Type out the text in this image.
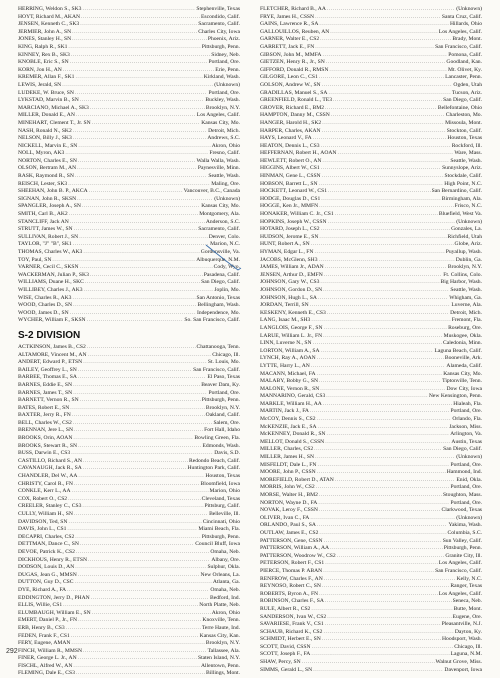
HERRING, Weldon S., SK3 .....	Stephenville, Texas
HOYT, Richard M., AKAN .....	Escondido, Calif.
JENSEN, Kenneth C., SK3 .....	Sacramento, Calif.
JERMIER, John A., SN .....	Charles City, Iowa
JONES, Stanley H., SN .....	Phoenix, Ariz.
KING, Ralph R., SK1 .....	Pittsburgh, Penn.
KINNEY, Rex B., SK3 .....	Sidney, Neb.
KNOBLE, Eric S., SN .....	Portland, Ore.
KORN, Jon H., AN .....	Erie, Penn.
KREMER, Allan F., SK1 .....	Kirkland, Wash.
LEWIS, Jerald, SN .....	(Unknown)
LUDEKE, W. Bruce, SN .....	Portland, Ore.
LYKSTAD, Marvin B., SN .....	Buckley, Wash.
MARCIANO, Michael A., SK3 .....	Brooklyn, N.Y.
MILLER, Donald E., AN .....	Los Angeles, Calif.
MINEHART, Clement T., Jr. SN .....	Kansas City, Mo.
NASH, Ronald N., SK2 .....	Detroit, Mich.
NELSON, Billy J., SK3 .....	Andrews, S.C.
NICKELL, Marvin E., SN .....	Akron, Ohio
NOLL, Myron, AK3 .....	Fresno, Calif.
NORTON, Charles E., SN .....	Walla Walla, Wash.
OLSON, Bertram M., AN .....	Paynesville, Minn.
RASK, Raymond R., SN .....	Seattle, Wash.
REISCH, Lester, SK3 .....	Maling, Ore.
SHEEHAN, John B. P., AKCA .....	Vancouver, B.C., Canada
SIGNAN, John R., SKSN .....	(Unknown)
SPANGLER, Joseph A., SN .....	Kansas City, Mo.
SMITH, Carl B., AK2 .....	Montgomery, Ala.
STANCLIFF, Jack AN .....	Anderson, S.C.
STRUTT, James W., SN .....	Sacramento, Calif.
SULLIVAN, Robert J., SN .....	Denver, Colo.
TAYLOR, "J" "B", SK1 .....	Marion, N.C.
THOMAS, Charles W., AK3 .....	Gordonsville, Va.
TOY, Paul, SN .....	Albuquerque, N.M.
VARNER, Cecil C., SKSN .....	Cody, Wyo.
WACKERMAN, Julian P., SK3 .....	Pasadena, Calif.
WILLIAMS, Duane H., SKC .....	San Diego, Calif.
WILLIBEY, Charles J., AK3 .....	Joplin, Mo.
WISE, Charles R., AK3 .....	San Antonio, Texas
WOOD, Charles D., SN .....	Bellingham, Wash.
WOOD, James D., SN .....	Independence, Mo.
WYCHER, William F., SKSN .....	So. San Francisco, Calif.
S-2 DIVISION
ACTKINSON, James B., CS2 .....	Chattanooga, Tenn.
ALTAMORE, Vincent M., AN .....	Chicago, Ill.
ANDERT, Edward P., ETSN .....	St. Louis, Mo.
BAILEY, Geoffrey L., SN .....	San Francisco, Calif.
BARBEE, Thomas E., SA .....	El Paso, Texas
BARNES, Eddie E., SN .....	Beaver Dam, Ky.
BARNES, James T., SN .....	Portland, Ore.
BARNETT, Vernon R., SN .....	Pittsburgh, Penn.
BATES, Robert E., SN .....	Brooklyn, N.Y.
BAXTER, Jerry R., FN .....	Oakland, Calif.
BELL, Charles W., CS2 .....	Salem, Ore.
BRENNAN, Jere L., SN .....	Fort Hall, Idaho
BROOKS, Orin, AOAN .....	Bowling Green, Fla.
BROOKS, Stewart R., SN .....	Edmonds, Wash.
BUSS, Darwin E., CS3 .....	Davis, S.D.
CASTILLO, Richard S., AN .....	Redondo Beach, Calif.
CAVANAUGH, Jack R., SA .....	Huntington Park, Calif.
CHANDLER, Del W., AA .....	Houston, Texas
CHRISTY, Carol R., FN .....	Bloomfield, Iowa
CONKLE, Kerr L., AA .....	Marion, Ohio
COX, Robert O., CS2 .....	Cleveland, Texas
CREELER, Stanley C., CS3 .....	Pittsburg, Calif.
CULLY, William H., SN .....	Belleville, Ill.
DAVIDSON, Ted, SN .....	Cincinnati, Ohio
DAVIS, John L., CS1 .....	Miami Beach, Fla.
DECAPRI, Charles, CS2 .....	Pittsburgh, Penn.
DETTMAN, Dance C., SN .....	Council Bluff, Iowa
DEVOE, Patrick K., CS2 .....	Omaha, Neb.
DICKHOUS, Henry R., ETSN .....	Albany, Ore.
DODSON, Louis D., AN .....	Sulphur, Okla.
DUGAS, Jean G., MMSN .....	New Orleans, La.
DUTTON, Guy D., CSC .....	Atlanta, Ga.
DYE, Richard A., FA .....	Omaha, Neb.
EDDINGTON, Jerry D., PHAN .....	Bedford, Ind.
ELLIS, Willie, CS1 .....	North Platte, Neb.
ELUMBAUGH, William E., SN .....	Akron, Ohio
EMERT, Daniel P., Jr., FN .....	Knoxville, Tenn.
ERB, Henry B., CS3 .....	Terre Haute, Ind.
FEDEN, Frank F., CS1 .....	Kansas City, Kan.
FERY, Eugene, AMAN .....	Brooklyn, N.Y.
FINCH, William R., MMSN .....	Tallassee, Ala.
FINER, George L. Jr., AN .....	Staten Island, N.Y.
FISCHL, Alfred W., AN .....	Allentown, Penn.
FLEMING, Dale E., CS3 .....	Billings, Mont.
FLETCHER, Richard B., AA .....	(Unknown)
FRYE, James H., CSSN .....	Santa Cruz, Calif.
GAINS, Lawrence R., SA .....	Hillards, Ohio
GALLOUILLOS, Reuben, AN .....	Los Angeles, Calif.
GARNER, Walter E., CS2 .....	Brady, Mont.
GARRETT, Jack E., FN .....	San Francisco, Calif.
GIBSON, John M., MMFA .....	Pomona, Calif.
GIETZEN, Henry R., Jr., SN .....	Goodland, Kan.
GIFFORD, Donald R., RMSN .....	Mt. Olivet, Ky.
GILGORE, Leon C., CS1 .....	Lancaster, Penn.
GOLSON, Andrew W., SN .....	Ogden, Utah
GRADILLAS, Manuel S., SA .....	Tucson, Ariz.
GREENFIELD, Ronald L., TE3 .....	San Diego, Calif.
GROVER, Richard E., BM2 .....	Bellefontaine, Ohio
HAMPTON, Danny M., CSSN .....	Charleston, Mo.
HANGER, Harold H., SK2 .....	Missoula, Mont.
HARPER, Charles, AKAN .....	Stockton, Calif.
HAYS, Leonard V., FA .....	Houston, Texas
HEATON, Dennis L., CS3 .....	Rockford, Ill.
HEFFERNAN, Robert H., AOAN .....	Ware, Mass.
HEWLETT, Robert O., AN .....	Seattle, Wash.
HIGGINS, Albert W., CS1 .....	Sunnyslope, Ariz.
HINMAN, Gene L., CSSN .....	Stockdale, Calif.
HOBSON, Barrett L., SN .....	High Point, N.C.
HOCKETT, Leonard W., CS1 .....	San Bernardino, Calif.
HODGE, Douglas D., CS1 .....	Birmingham, Ala.
HOGGE, Ken Jr., MMFN .....	Frisco, N.C.
HONAKER, William C. Jr., CS1 .....	Bluefield, West Va.
HOPKINS, Joseph W., CSSN .....	(Unknown)
HOTARD, Joseph L., CS2 .....	Gonzales, La.
HUDSON, Jerome E., SN .....	Richfield, Utah
HUNT, Robert A., SN .....	Globe, Ariz.
HYMAN, Edgar L., FN .....	Puyallup, Wash.
JACOBS, McGlenn, SH3 .....	Dublin, Ga.
JAMES, William Jr., ADAN .....	Brooklyn, N.Y.
JENSEN, Arthur D., EMFN .....	Ft. Collins, Colo.
JOHNSON, Gary W., CS3 .....	Big Harbor, Wash.
JOHNSON, Gordon D., SN .....	Seattle, Wash.
JOHNSON, Hugh L., SA .....	Whigham, Ga.
JORDAN, Terrill, SN .....	Luverne, Ala.
KESKENY, Kenneth E., CS3 .....	Detroit, Mich.
LANG, Isaac M., SH3 .....	Fremont, Fla.
LANGLOIS, George F., SN .....	Roseburg, Ore.
LARUE, William L. Jr., FN .....	Muskogee, Okla.
LINN, Luverne N., SN .....	Caledonia, Minn.
LORTON, William A., SA .....	Laguna Beach, Calif.
LYNCH, Ray A., AOAN .....	Booneville, Ark.
LYTTE, Harry L., AN .....	Alameda, Calif.
MACANN, Michael, FA .....	Kansas City, Mo.
MALABY, Bobby G., SN .....	Tiptonville, Tenn.
MALONE, Vernon R., SN .....	Dow City, Iowa
MANNARINO, Gerald, CS3 .....	New Kensington, Penn.
MARKLE, William H., AA .....	Hialeah, Fla.
MARTIN, Jack J., FA .....	Portland, Ore.
McCOY, Dennis S., CS2 .....	Orlando, Fla.
McKENZIE, Jack E., SA .....	Jackson, Miss.
McKENNEY, Donald R., SN .....	Arlington, Va.
MELLOT, Donald S., CSSN .....	Austin, Texas
MILLER, Charles, CS2 .....	San Diego, Calif.
MILLER, James H., SN .....	(Unknown)
MISFELDT, Dale L., FN .....	Portland, Ore.
MOORE, John P., CSSN .....	Hammond, Ind.
MOREFIELD, Robert D., ATAN .....	Enid, Okla.
MORRIS, John W., CS2 .....	Portland, Ore.
MORSE, Walter H., BM2 .....	Stoughton, Mass.
NORTON, Wayne D., FA .....	Portland, Ore.
NOVAK, Leroy F., CSSN .....	Clarkwood, Texas
OLIVER, Ivan C., FA .....	(Unknown)
ORLANDO, Paul S., SA .....	Yakima, Wash.
OUTLAW, James E., CS2 .....	Columbia, S.C.
PATTERSON, Gene, CSSN .....	Sun Valley, Calif.
PATTERSON, William A., AA .....	Pittsburgh, Penn.
PATTERSON, Woodrow W., CS2 .....	Granite City, Ill.
PETERSON, Robert F., CS1 .....	Los Angeles, Calif.
PIERCE, Thomas P. ABAN .....	San Francisco, Calif.
RENFROW, Charles F., AN .....	Kelly, N.C.
REYNOSO, Robert C., SN .....	Ranger, Texas
ROBERTS, Byron A., FN .....	Los Angeles, Calif.
ROBINSON, Charles F., SA .....	Seneca, Neb.
RULE, Albert R., CS2 .....	Butte, Mont.
SANDERSON, Ivan W., CS2 .....	Eugene, Ore.
SAVARIESE, Frank V., CS1 .....	Pleasantville, N.J.
SCHAUB, Richard K., CS2 .....	Dayton, Ky.
SCHMIDT, Herbert E., SN .....	Hoodsport, Wash.
SCOTT, David, CSSN .....	Chicago, Ill.
SCOTT, Joseph F., FA .....	Laguna, N.M.
SHAW, Percy, SN .....	Walnut Grove, Miss.
SIMMS, Gerald L., SN .....	Davenport, Iowa
292
